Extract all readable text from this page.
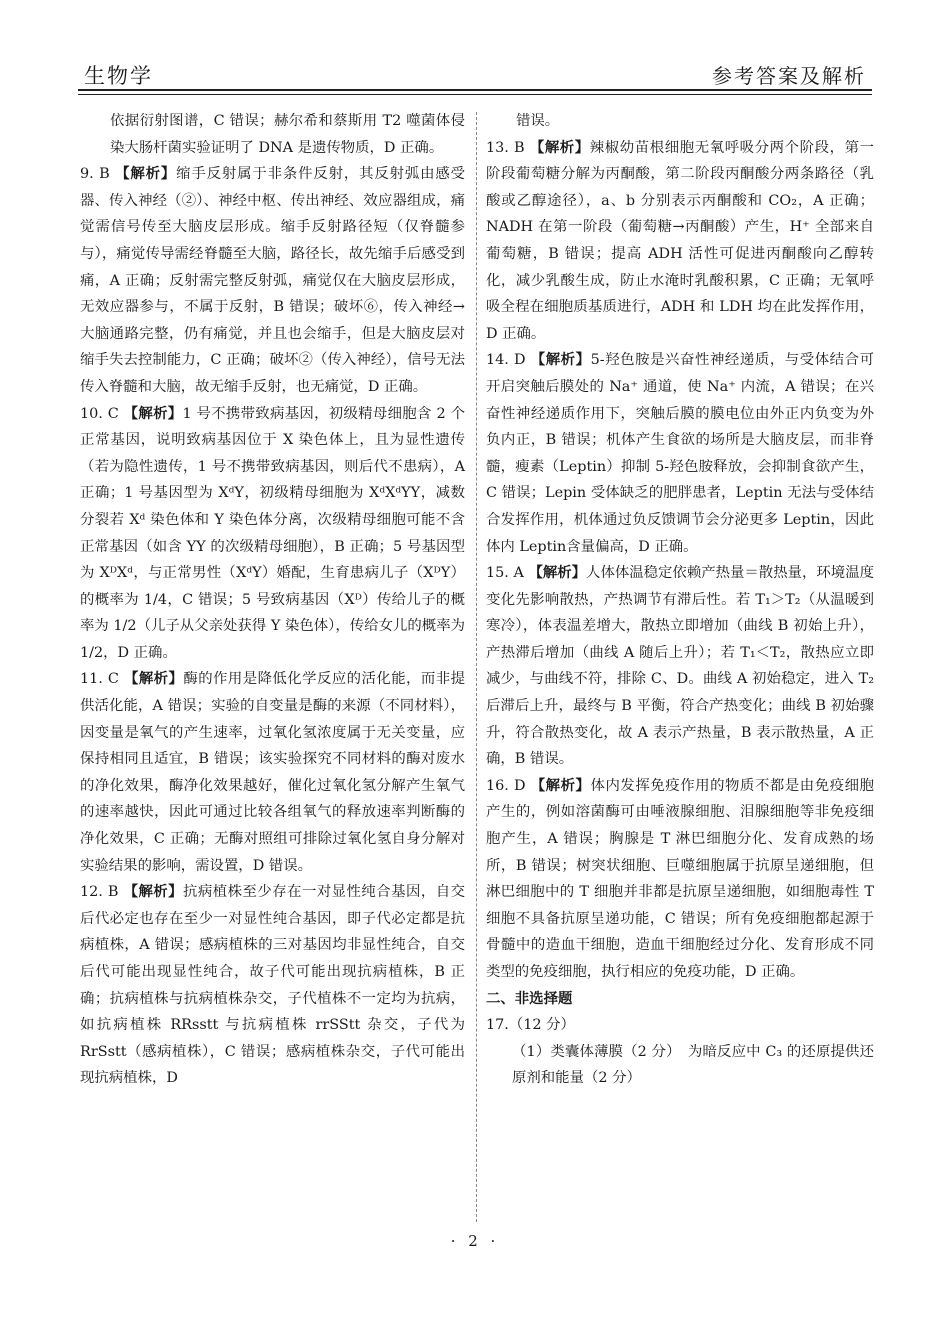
生物学	参考答案及解析

依据衍射图谱，C 错误；赫尔希和蔡斯用 T2 噬菌体侵染大肠杆菌实验证明了 DNA 是遗传物质，D 正确。

9. B 【解析】缩手反射属于非条件反射，其反射弧由感受器、传入神经（②）、神经中枢、传出神经、效应器组成，痛觉需信号传至大脑皮层形成。缩手反射路径短（仅脊髓参与），痛觉传导需经脊髓至大脑，路径长，故先缩手后感受到痛，A 正确；反射需完整反射弧，痛觉仅在大脑皮层形成，无效应器参与，不属于反射，B 错误；破坏⑥，传入神经→大脑通路完整，仍有痛觉，并且也会缩手，但是大脑皮层对缩手失去控制能力，C 正确；破坏②（传入神经），信号无法传入脊髓和大脑，故无缩手反射，也无痛觉，D 正确。

10. C 【解析】1 号不携带致病基因，初级精母细胞含 2 个正常基因，说明致病基因位于 X 染色体上，且为显性遗传（若为隐性遗传，1 号不携带致病基因，则后代不患病），A 正确；1 号基因型为 XᵈY，初级精母细胞为 XᵈXᵈYY，减数分裂若 Xᵈ 染色体和 Y 染色体分离，次级精母细胞可能不含正常基因（如含 YY 的次级精母细胞），B 正确；5 号基因型为 XᴰXᵈ，与正常男性（XᵈY）婚配，生育患病儿子（XᴰY）的概率为 1/4，C 错误；5 号致病基因（Xᴰ）传给儿子的概率为 1/2（儿子从父亲处获得 Y 染色体），传给女儿的概率为 1/2，D 正确。

11. C 【解析】酶的作用是降低化学反应的活化能，而非提供活化能，A 错误；实验的自变量是酶的来源（不同材料），因变量是氧气的产生速率，过氧化氢浓度属于无关变量，应保持相同且适宜，B 错误；该实验探究不同材料的酶对废水的净化效果，酶净化效果越好，催化过氧化氢分解产生氧气的速率越快，因此可通过比较各组氧气的释放速率判断酶的净化效果，C 正确；无酶对照组可排除过氧化氢自身分解对实验结果的影响，需设置，D 错误。

12. B 【解析】抗病植株至少存在一对显性纯合基因，自交后代必定也存在至少一对显性纯合基因，即子代必定都是抗病植株，A 错误；感病植株的三对基因均非显性纯合，自交后代可能出现显性纯合，故子代可能出现抗病植株，B 正确；抗病植株与抗病植株杂交，子代植株不一定均为抗病，如抗病植株 RRsstt 与抗病植株 rrSStt 杂交，子代为 RrSstt（感病植株），C 错误；感病植株杂交，子代可能出现抗病植株，D

错误。

13. B 【解析】辣椒幼苗根细胞无氧呼吸分两个阶段，第一阶段葡萄糖分解为丙酮酸，第二阶段丙酮酸分两条路径（乳酸或乙醇途径），a、b 分别表示丙酮酸和 CO₂，A 正确；NADH 在第一阶段（葡萄糖→丙酮酸）产生，H⁺ 全部来自葡萄糖，B 错误；提高 ADH 活性可促进丙酮酸向乙醇转化，减少乳酸生成，防止水淹时乳酸积累，C 正确；无氧呼吸全程在细胞质基质进行，ADH 和 LDH 均在此发挥作用，D 正确。

14. D 【解析】5-羟色胺是兴奋性神经递质，与受体结合可开启突触后膜处的 Na⁺ 通道，使 Na⁺ 内流，A 错误；在兴奋性神经递质作用下，突触后膜的膜电位由外正内负变为外负内正，B 错误；机体产生食欲的场所是大脑皮层，而非脊髓，瘦素（Leptin）抑制 5-羟色胺释放，会抑制食欲产生，C 错误；Lepin 受体缺乏的肥胖患者，Leptin 无法与受体结合发挥作用，机体通过负反馈调节会分泌更多 Leptin，因此体内 Leptin含量偏高，D 正确。

15. A 【解析】人体体温稳定依赖产热量＝散热量，环境温度变化先影响散热，产热调节有滞后性。若 T₁＞T₂（从温暖到寒冷），体表温差增大，散热立即增加（曲线 B 初始上升），产热滞后增加（曲线 A 随后上升）；若 T₁＜T₂，散热应立即减少，与曲线不符，排除 C、D。曲线 A 初始稳定，进入 T₂ 后滞后上升，最终与 B 平衡，符合产热变化；曲线 B 初始骤升，符合散热变化，故 A 表示产热量，B 表示散热量，A 正确，B 错误。

16. D 【解析】体内发挥免疫作用的物质不都是由免疫细胞产生的，例如溶菌酶可由唾液腺细胞、泪腺细胞等非免疫细胞产生，A 错误；胸腺是 T 淋巴细胞分化、发育成熟的场所，B 错误；树突状细胞、巨噬细胞属于抗原呈递细胞，但淋巴细胞中的 T 细胞并非都是抗原呈递细胞，如细胞毒性 T 细胞不具备抗原呈递功能，C 错误；所有免疫细胞都起源于骨髓中的造血干细胞，造血干细胞经过分化、发育形成不同类型的免疫细胞，执行相应的免疫功能，D 正确。

二、非选择题

17.（12 分）

（1）类囊体薄膜（2 分）　为暗反应中 C₃ 的还原提供还原剂和能量（2 分）

· 2 ·
